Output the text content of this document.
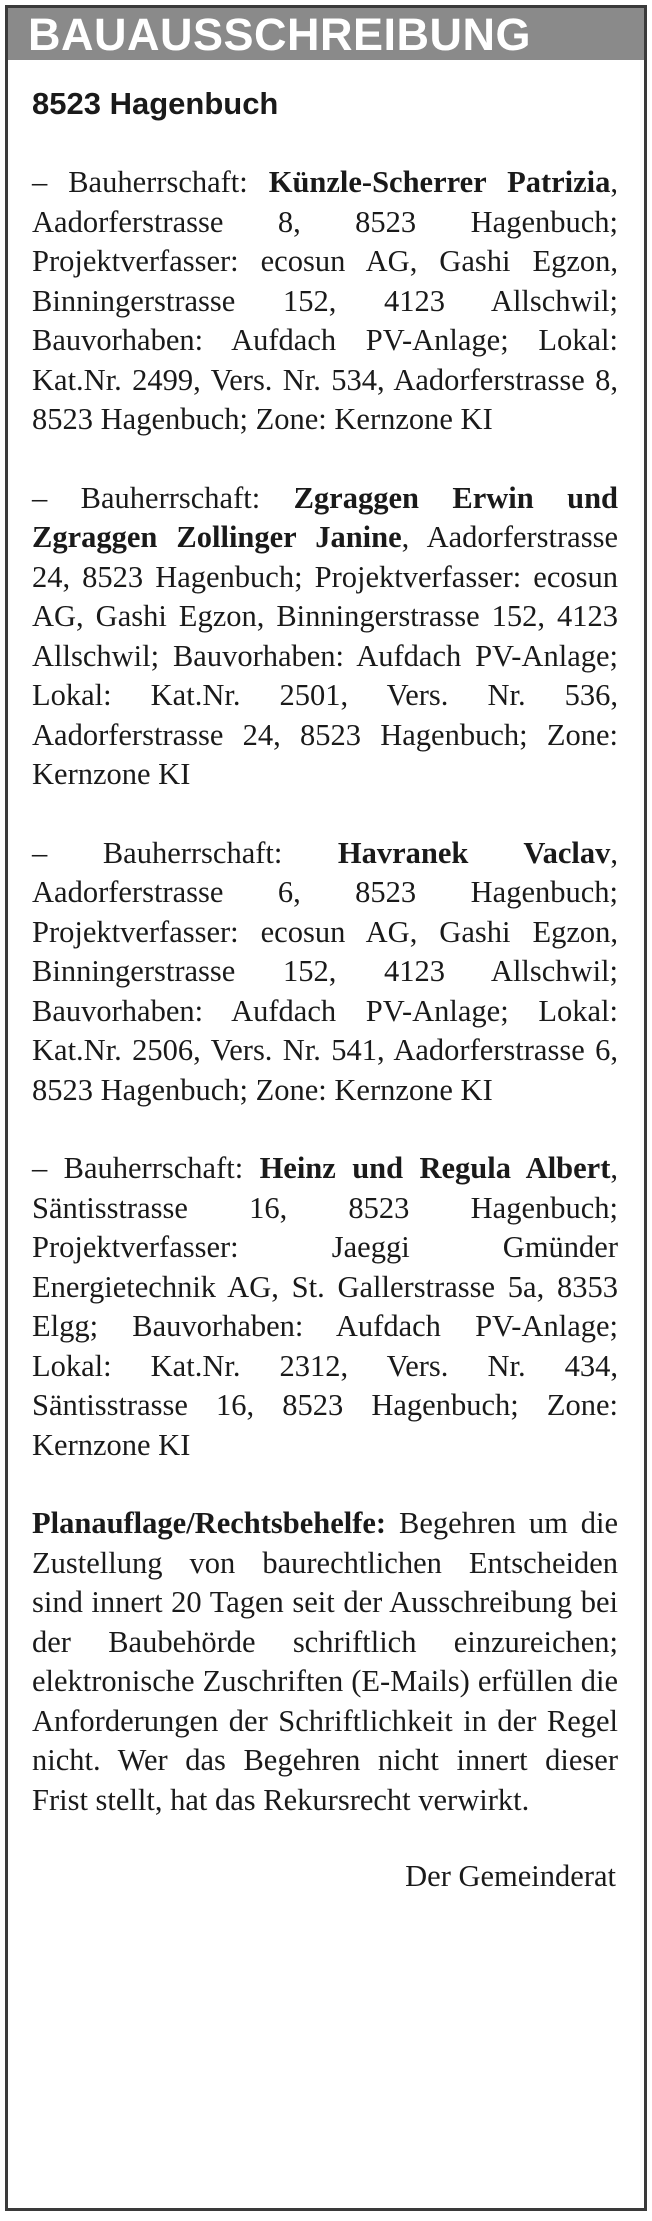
BAUAUSSCHREIBUNG
8523 Hagenbuch

– Bauherrschaft: Künzle-Scherrer Patrizia, Aadorferstrasse 8, 8523 Hagenbuch; Projektverfasser: ecosun AG, Gashi Egzon, Binningerstrasse 152, 4123 Allschwil; Bauvorhaben: Aufdach PV-Anlage; Lokal: Kat.Nr. 2499, Vers. Nr. 534, Aadorferstrasse 8, 8523 Hagenbuch; Zone: Kernzone KI

– Bauherrschaft: Zgraggen Erwin und Zgraggen Zollinger Janine, Aadorferstrasse 24, 8523 Hagenbuch; Projektverfasser: ecosun AG, Gashi Egzon, Binningerstrasse 152, 4123 Allschwil; Bauvorhaben: Aufdach PV-Anlage; Lokal: Kat.Nr. 2501, Vers. Nr. 536, Aadorferstrasse 24, 8523 Hagenbuch; Zone: Kernzone KI

– Bauherrschaft: Havranek Vaclav, Aadorferstrasse 6, 8523 Hagenbuch; Projektverfasser: ecosun AG, Gashi Egzon, Binningerstrasse 152, 4123 Allschwil; Bauvorhaben: Aufdach PV-Anlage; Lokal: Kat.Nr. 2506, Vers. Nr. 541, Aadorferstrasse 6, 8523 Hagenbuch; Zone: Kernzone KI

– Bauherrschaft: Heinz und Regula Albert, Säntisstrasse 16, 8523 Hagenbuch; Projektverfasser: Jaeggi Gmünder Energietechnik AG, St. Gallerstrasse 5a, 8353 Elgg; Bauvorhaben: Aufdach PV-Anlage; Lokal: Kat.Nr. 2312, Vers. Nr. 434, Säntisstrasse 16, 8523 Hagenbuch; Zone: Kernzone KI

Planauflage/Rechtsbehelfe: Begehren um die Zustellung von baurechtlichen Entscheiden sind innert 20 Tagen seit der Ausschreibung bei der Baubehörde schriftlich einzureichen; elektronische Zuschriften (E-Mails) erfüllen die Anforderungen der Schriftlichkeit in der Regel nicht. Wer das Begehren nicht innert dieser Frist stellt, hat das Rekursrecht verwirkt.

Der Gemeinderat
